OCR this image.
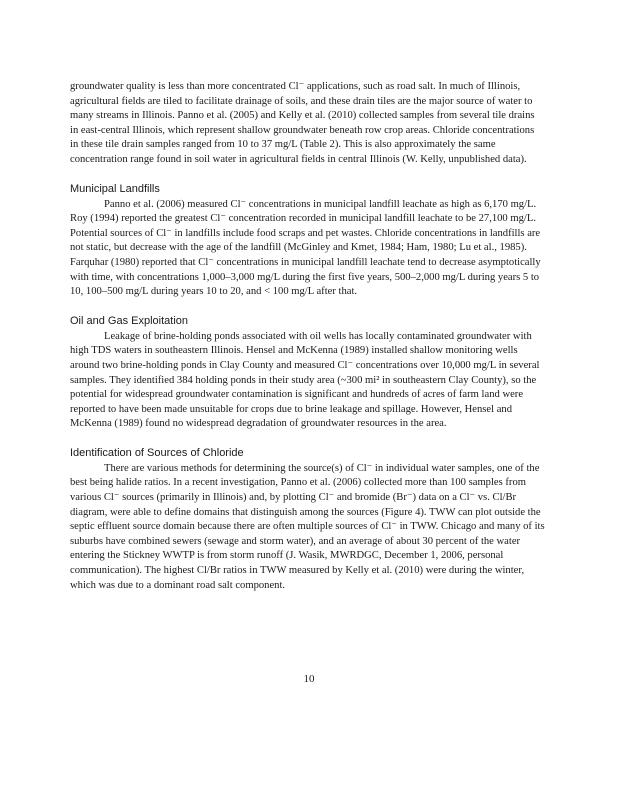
groundwater quality is less than more concentrated Cl⁻ applications, such as road salt. In much of Illinois, agricultural fields are tiled to facilitate drainage of soils, and these drain tiles are the major source of water to many streams in Illinois. Panno et al. (2005) and Kelly et al. (2010) collected samples from several tile drains in east-central Illinois, which represent shallow groundwater beneath row crop areas. Chloride concentrations in these tile drain samples ranged from 10 to 37 mg/L (Table 2). This is also approximately the same concentration range found in soil water in agricultural fields in central Illinois (W. Kelly, unpublished data).

Municipal Landfills

Panno et al. (2006) measured Cl⁻ concentrations in municipal landfill leachate as high as 6,170 mg/L. Roy (1994) reported the greatest Cl⁻ concentration recorded in municipal landfill leachate to be 27,100 mg/L. Potential sources of Cl⁻ in landfills include food scraps and pet wastes. Chloride concentrations in landfills are not static, but decrease with the age of the landfill (McGinley and Kmet, 1984; Ham, 1980; Lu et al., 1985). Farquhar (1980) reported that Cl⁻ concentrations in municipal landfill leachate tend to decrease asymptotically with time, with concentrations 1,000–3,000 mg/L during the first five years, 500–2,000 mg/L during years 5 to 10, 100–500 mg/L during years 10 to 20, and < 100 mg/L after that.

Oil and Gas Exploitation

Leakage of brine-holding ponds associated with oil wells has locally contaminated groundwater with high TDS waters in southeastern Illinois. Hensel and McKenna (1989) installed shallow monitoring wells around two brine-holding ponds in Clay County and measured Cl⁻ concentrations over 10,000 mg/L in several samples. They identified 384 holding ponds in their study area (~300 mi² in southeastern Clay County), so the potential for widespread groundwater contamination is significant and hundreds of acres of farm land were reported to have been made unsuitable for crops due to brine leakage and spillage. However, Hensel and McKenna (1989) found no widespread degradation of groundwater resources in the area.

Identification of Sources of Chloride

There are various methods for determining the source(s) of Cl⁻ in individual water samples, one of the best being halide ratios. In a recent investigation, Panno et al. (2006) collected more than 100 samples from various Cl⁻ sources (primarily in Illinois) and, by plotting Cl⁻ and bromide (Br⁻) data on a Cl⁻ vs. Cl/Br diagram, were able to define domains that distinguish among the sources (Figure 4). TWW can plot outside the septic effluent source domain because there are often multiple sources of Cl⁻ in TWW. Chicago and many of its suburbs have combined sewers (sewage and storm water), and an average of about 30 percent of the water entering the Stickney WWTP is from storm runoff (J. Wasik, MWRDGC, December 1, 2006, personal communication). The highest Cl/Br ratios in TWW measured by Kelly et al. (2010) were during the winter, which was due to a dominant road salt component.

10
